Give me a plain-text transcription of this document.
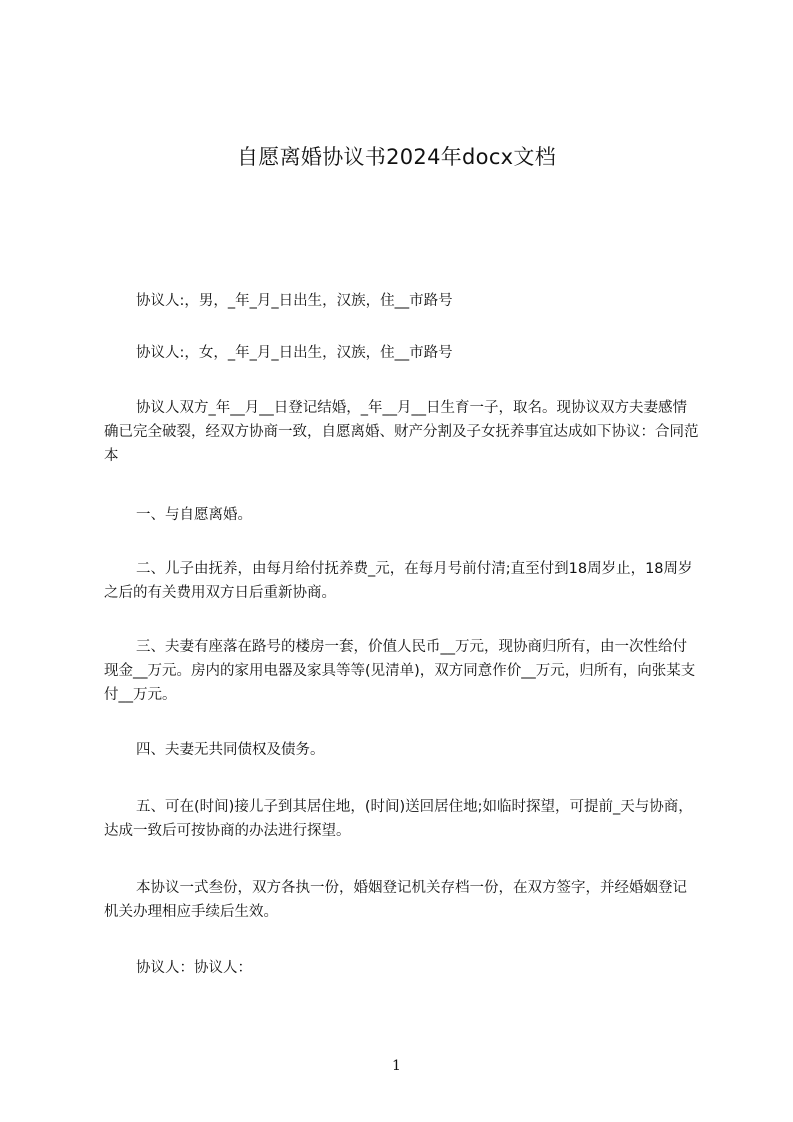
自愿离婚协议书2024年docx文档
协议人:，男，_年_月_日出生，汉族，住__市路号
协议人:，女，_年_月_日出生，汉族，住__市路号
协议人双方_年__月__日登记结婚，_年__月__日生育一子，取名。现协议双方夫妻感情确已完全破裂，经双方协商一致，自愿离婚、财产分割及子女抚养事宜达成如下协议：合同范本
一、与自愿离婚。
二、儿子由抚养，由每月给付抚养费_元，在每月号前付清;直至付到18周岁止，18周岁之后的有关费用双方日后重新协商。
三、夫妻有座落在路号的楼房一套，价值人民币__万元，现协商归所有，由一次性给付现金__万元。房内的家用电器及家具等等(见清单)，双方同意作价__万元，归所有，向张某支付__万元。
四、夫妻无共同债权及债务。
五、可在(时间)接儿子到其居住地，(时间)送回居住地;如临时探望，可提前_天与协商，达成一致后可按协商的办法进行探望。
本协议一式叁份，双方各执一份，婚姻登记机关存档一份，在双方签字，并经婚姻登记机关办理相应手续后生效。
协议人：协议人：
1
